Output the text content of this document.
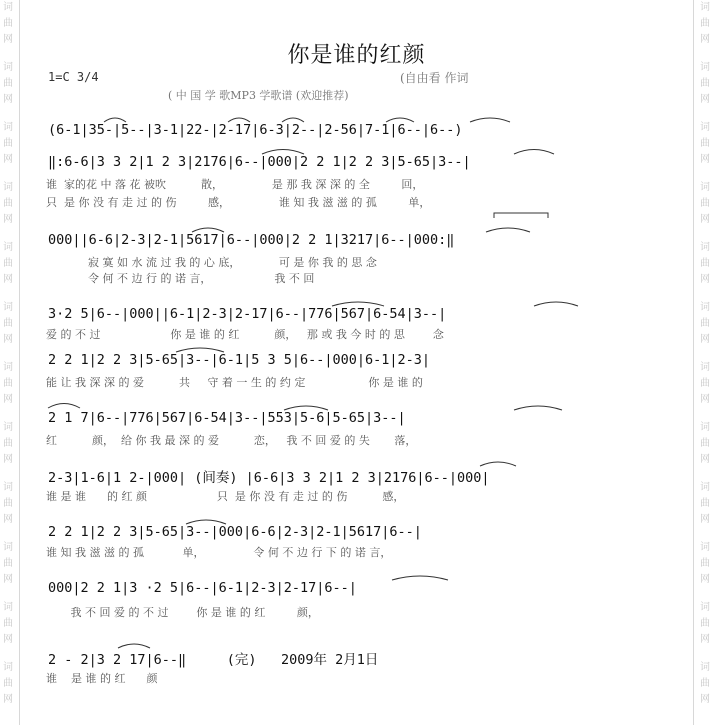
词
曲
网
词
曲
网
词
曲
网
词
曲
网
词
曲
网
词
曲
网
词
曲
网
词
曲
网
词
曲
网
词
曲
网
词
曲
网
词
曲
网
词
曲
网
词
曲
网
词
曲
网
词
曲
网
词
曲
网
词
曲
网
词
曲
网
词
曲
网
词
曲
网
词
曲
网
词
曲
网
词
曲
网
你是谁的红颜
1=C 3/4	(自由看 作词
( 中 国 学 歌MP3 学歌谱 (欢迎推荐)
(6-1|35-|5--|3-1|22-|2-17|6-3|2--|2-56|7-1|6--|6--)
‖:6-6|3 3 2|1 2 3|2176|6--|000|2 2 1|2 2 3|5-65|3--|
谁  家的花 中 落 花 被吹          散，              是 那 我 深 深 的 全         回，
只  是 你 没 有 走 过 的 伤         感，              谁 知 我 滋 滋 的 孤         单，
000||6-6|2-3|2-1|5617|6--|000|2 2 1|3217|6--|000:‖
寂 寞 如 水 流 过 我 的 心 底，           可 是 你 我 的 思 念
令 何 不 边 行 的 诺 言，                  我 不 回
3·2 5|6--|000||6-1|2-3|2-17|6--|776|567|6-54|3--|
爱 的 不 过                    你 是 谁 的 红          颜，   那 或 我 今 时 的 思        念
2 2 1|2 2 3|5-65|3--|6-1|5 3 5|6--|000|6-1|2-3|
能 让 我 深 深 的 爱          共     守 着 一 生 的 约 定                  你 是 谁 的
2 1 7|6--|776|567|6-54|3--|553|5-6|5-65|3--|
红          颜，  给 你 我 最 深 的 爱          恋，   我 不 回 爱 的 失       落，
2-3|1-6|1 2-|000| (间奏) |6-6|3 3 2|1 2 3|2176|6--|000|
谁 是 谁      的 红 颜                    只  是 你 没 有 走 过 的 伤          感，
2 2 1|2 2 3|5-65|3--|000|6-6|2-3|2-1|5617|6--|
谁 知 我 滋 滋 的 孤           单，              令 何 不 边 行 下 的 诺 言，
000|2 2 1|3 ·2 5|6--|6-1|2-3|2-17|6--|
我 不 回 爱 的 不 过        你 是 谁 的 红         颜，
2 - 2|3 2 17|6--‖     (完)   2009年 2月1日
谁    是 谁 的 红      颜
